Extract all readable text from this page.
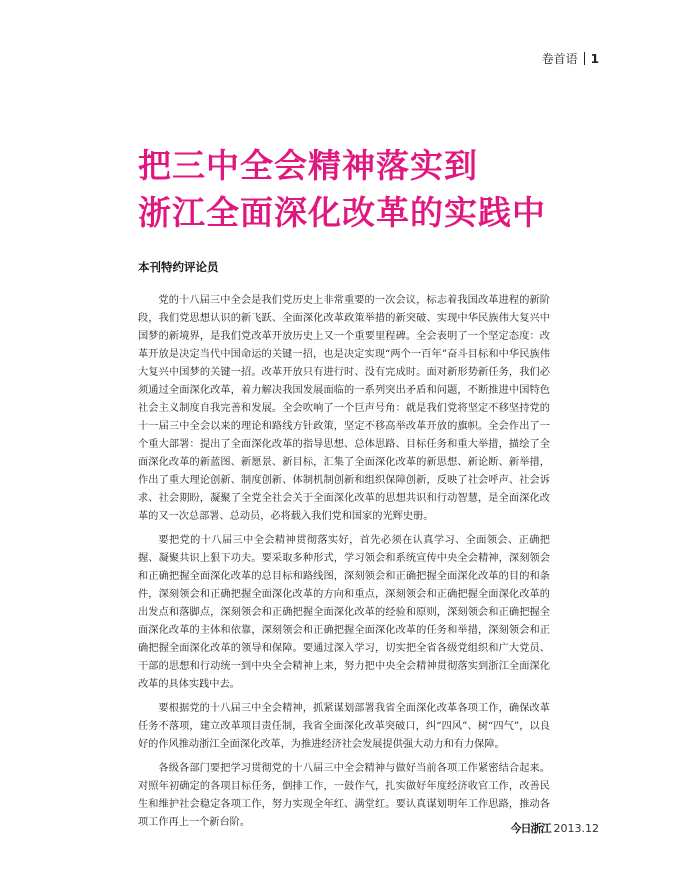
卷首语 1
把三中全会精神落实到
浙江全面深化改革的实践中
本刊特约评论员

党的十八届三中全会是我们党历史上非常重要的一次会议，标志着我国改革进程的新阶段，我们党思想认识的新飞跃、全面深化改革政策举措的新突破、实现中华民族伟大复兴中国梦的新境界，是我们党改革开放历史上又一个重要里程碑。全会表明了一个坚定态度：改革开放是决定当代中国命运的关键一招，也是决定实现“两个一百年”奋斗目标和中华民族伟大复兴中国梦的关键一招。改革开放只有进行时、没有完成时。面对新形势新任务，我们必须通过全面深化改革，着力解决我国发展面临的一系列突出矛盾和问题，不断推进中国特色社会主义制度自我完善和发展。全会吹响了一个巨声号角：就是我们党将坚定不移坚持党的十一届三中全会以来的理论和路线方针政策，坚定不移高举改革开放的旗帜。全会作出了一个重大部署：提出了全面深化改革的指导思想、总体思路、目标任务和重大举措，描绘了全面深化改革的新蓝图、新愿景、新目标，汇集了全面深化改革的新思想、新论断、新举措，作出了重大理论创新、制度创新、体制机制创新和组织保障创新，反映了社会呼声、社会诉求、社会期盼，凝聚了全党全社会关于全面深化改革的思想共识和行动智慧，是全面深化改革的又一次总部署、总动员，必将载入我们党和国家的光辉史册。

要把党的十八届三中全会精神贯彻落实好，首先必须在认真学习、全面领会、正确把握、凝聚共识上狠下功夫。要采取多种形式，学习领会和系统宣传中央全会精神，深刻领会和正确把握全面深化改革的总目标和路线图，深刻领会和正确把握全面深化改革的目的和条件，深刻领会和正确把握全面深化改革的方向和重点，深刻领会和正确把握全面深化改革的出发点和落脚点，深刻领会和正确把握全面深化改革的经验和原则，深刻领会和正确把握全面深化改革的主体和依靠，深刻领会和正确把握全面深化改革的任务和举措，深刻领会和正确把握全面深化改革的领导和保障。要通过深入学习，切实把全省各级党组织和广大党员、干部的思想和行动统一到中央全会精神上来，努力把中央全会精神贯彻落实到浙江全面深化改革的具体实践中去。

要根据党的十八届三中全会精神，抓紧谋划部署我省全面深化改革各项工作，确保改革任务不落项，建立改革项目责任制，我省全面深化改革突破口，纠“四风”、树“四气”，以良好的作风推动浙江全面深化改革，为推进经济社会发展提供强大动力和有力保障。

各级各部门要把学习贯彻党的十八届三中全会精神与做好当前各项工作紧密结合起来。对照年初确定的各项目标任务，倒排工作，一鼓作气，扎实做好年度经济收官工作，改善民生和维护社会稳定各项工作，努力实现全年红、满堂红。要认真谋划明年工作思路，推动各项工作再上一个新台阶。	今日浙江 2013.12
